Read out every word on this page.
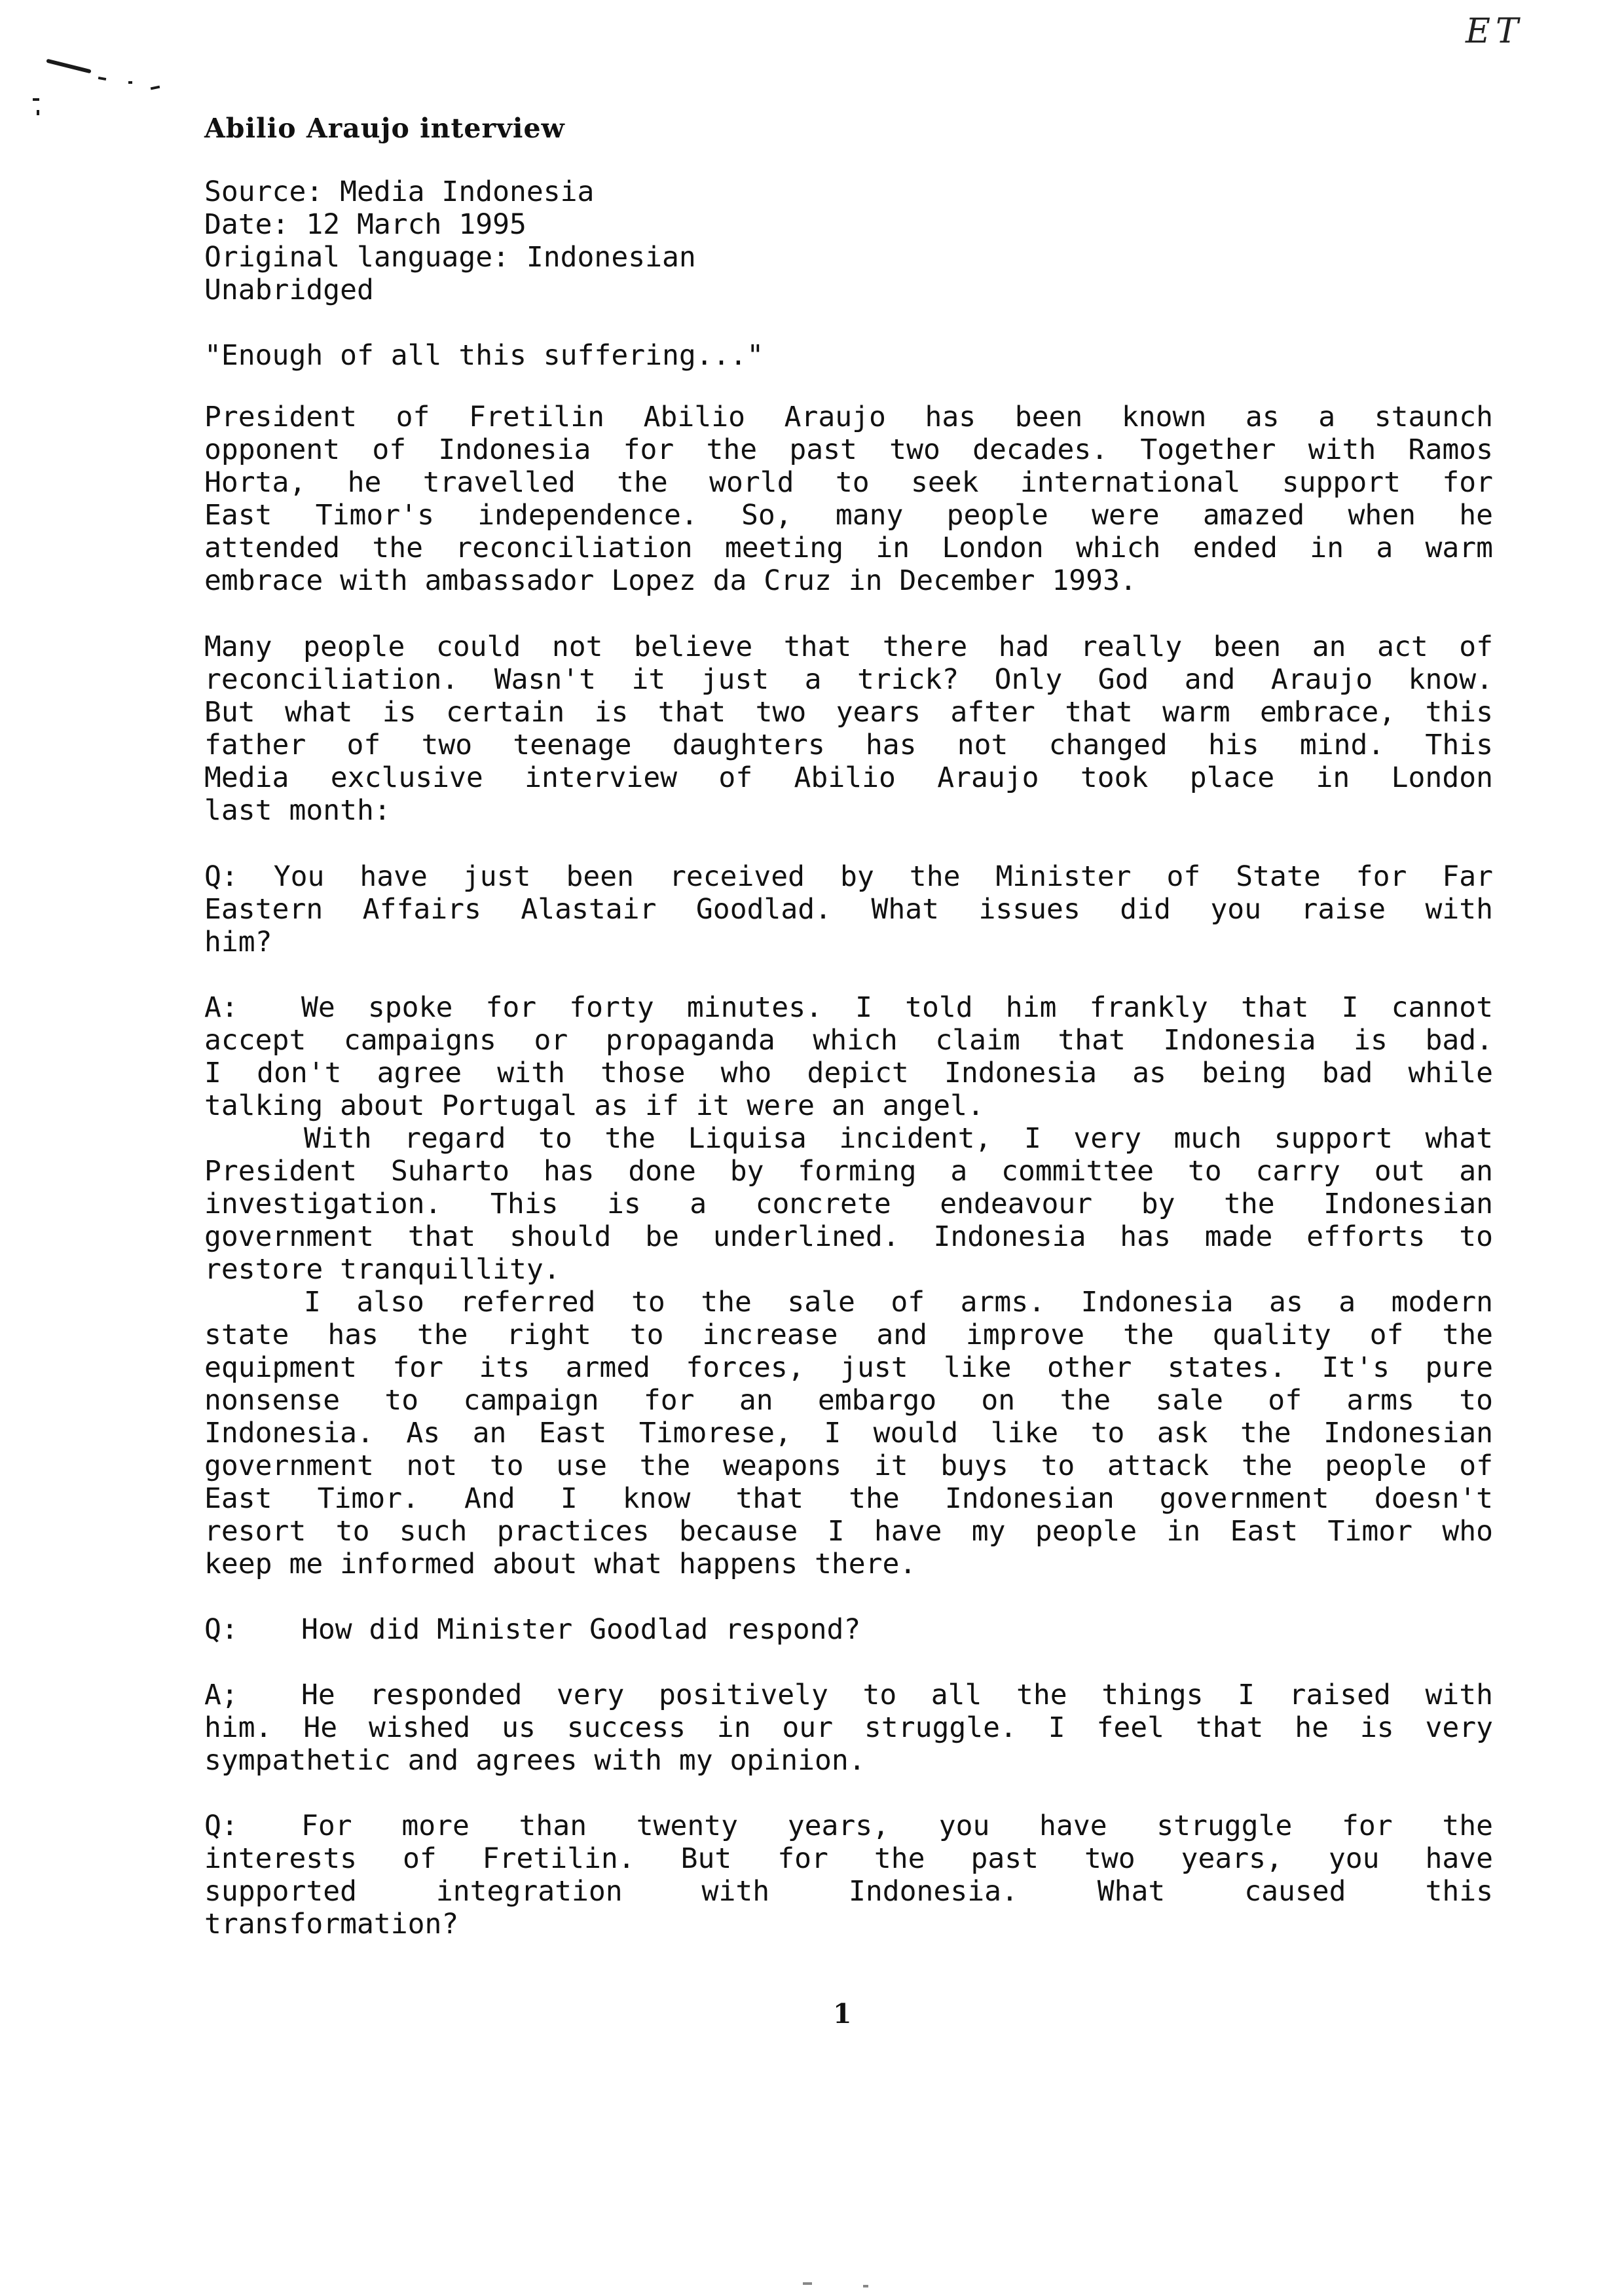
ET
Abilio Araujo interview
Source: Media Indonesia
Date: 12 March 1995
Original language: Indonesian
Unabridged
"Enough of all this suffering..."
President of Fretilin Abilio Araujo has been known as a staunch
opponent of Indonesia for the past two decades. Together with Ramos
Horta, he travelled the world to seek international support for
East Timor's independence. So, many people were amazed when he
attended the reconciliation meeting in London which ended in a warm
embrace with ambassador Lopez da Cruz in December 1993.
Many people could not believe that there had really been an act of
reconciliation. Wasn't it just a trick? Only God and Araujo know.
But what is certain is that two years after that warm embrace, this
father of two teenage daughters has not changed his mind. This
Media exclusive interview of Abilio Araujo took place in London
last month:
Q: You have just been received by the Minister of State for Far
Eastern Affairs Alastair Goodlad. What issues did you raise with
him?
A: We spoke for forty minutes. I told him frankly that I cannot
accept campaigns or propaganda which claim that Indonesia is bad.
I don't agree with those who depict Indonesia as being bad while
talking about Portugal as if it were an angel.
With regard to the Liquisa incident, I very much support what
President Suharto has done by forming a committee to carry out an
investigation. This is a concrete endeavour by the Indonesian
government that should be underlined. Indonesia has made efforts to
restore tranquillity.
I also referred to the sale of arms. Indonesia as a modern
state has the right to increase and improve the quality of the
equipment for its armed forces, just like other states. It's pure
nonsense to campaign for an embargo on the sale of arms to
Indonesia. As an East Timorese, I would like to ask the Indonesian
government not to use the weapons it buys to attack the people of
East Timor. And I know that the Indonesian government doesn't
resort to such practices because I have my people in East Timor who
keep me informed about what happens there.
Q: How did Minister Goodlad respond?
A; He responded very positively to all the things I raised with
him. He wished us success in our struggle. I feel that he is very
sympathetic and agrees with my opinion.
Q: For more than twenty years, you have struggle for the
interests of Fretilin. But for the past two years, you have
supported integration with Indonesia. What caused this
transformation?
1
